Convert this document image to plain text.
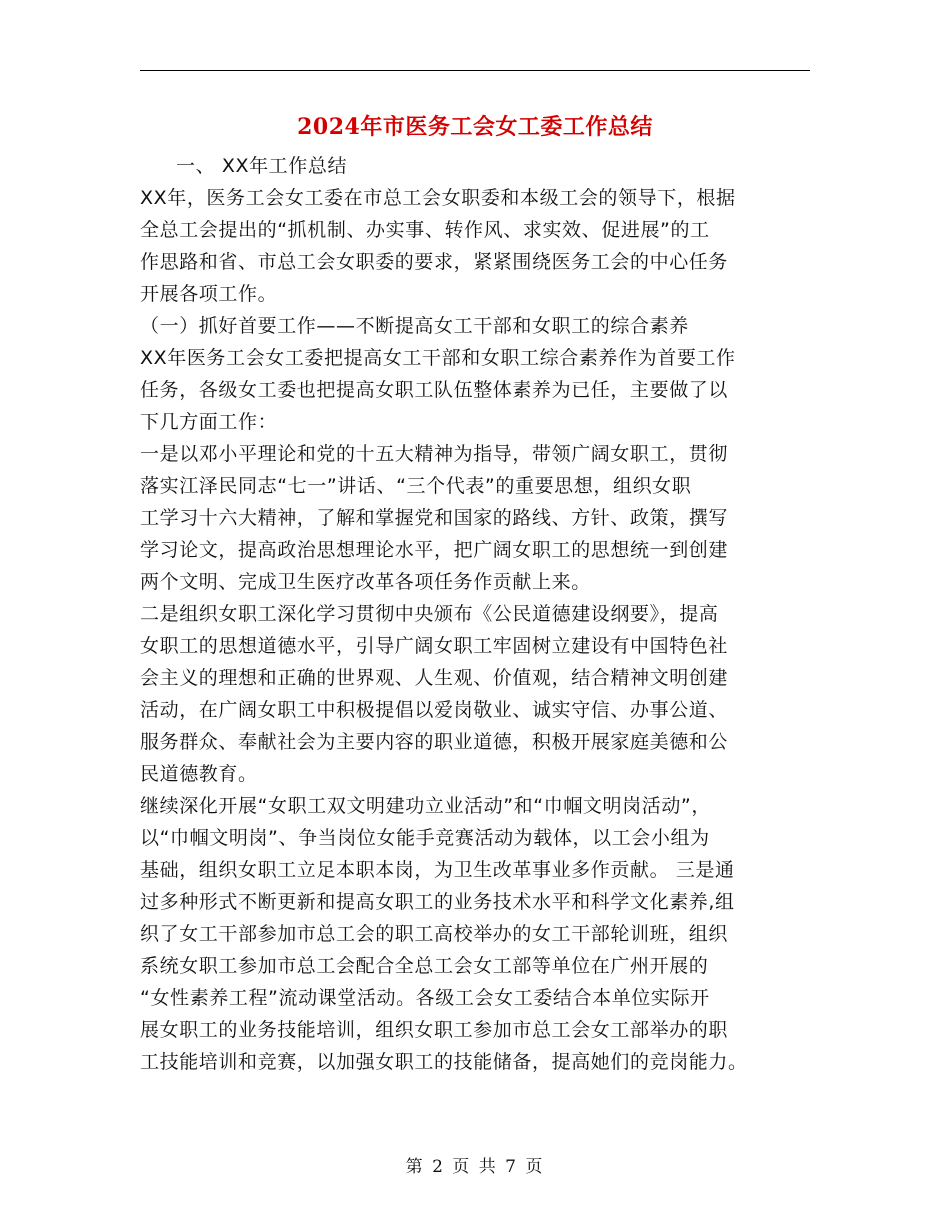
2024年市医务工会女工委工作总结
一、 XX年工作总结
XX年，医务工会女工委在市总工会女职委和本级工会的领导下，根据
全总工会提出的“抓机制、办实事、转作风、求实效、促进展”的工
作思路和省、市总工会女职委的要求，紧紧围绕医务工会的中心任务
开展各项工作。
（一）抓好首要工作——不断提高女工干部和女职工的综合素养
XX年医务工会女工委把提高女工干部和女职工综合素养作为首要工作
任务，各级女工委也把提高女职工队伍整体素养为已任，主要做了以
下几方面工作：
一是以邓小平理论和党的十五大精神为指导，带领广阔女职工，贯彻
落实江泽民同志“七一”讲话、“三个代表”的重要思想，组织女职
工学习十六大精神，了解和掌握党和国家的路线、方针、政策，撰写
学习论文，提高政治思想理论水平，把广阔女职工的思想统一到创建
两个文明、完成卫生医疗改革各项任务作贡献上来。
二是组织女职工深化学习贯彻中央颁布《公民道德建设纲要》，提高
女职工的思想道德水平，引导广阔女职工牢固树立建设有中国特色社
会主义的理想和正确的世界观、人生观、价值观，结合精神文明创建
活动，在广阔女职工中积极提倡以爱岗敬业、诚实守信、办事公道、
服务群众、奉献社会为主要内容的职业道德，积极开展家庭美德和公
民道德教育。
继续深化开展“女职工双文明建功立业活动”和“巾帼文明岗活动”，
以“巾帼文明岗”、争当岗位女能手竞赛活动为载体，以工会小组为
基础，组织女职工立足本职本岗，为卫生改革事业多作贡献。 三是通
过多种形式不断更新和提高女职工的业务技术水平和科学文化素养,组
织了女工干部参加市总工会的职工高校举办的女工干部轮训班，组织
系统女职工参加市总工会配合全总工会女工部等单位在广州开展的
“女性素养工程”流动课堂活动。各级工会女工委结合本单位实际开
展女职工的业务技能培训，组织女职工参加市总工会女工部举办的职
工技能培训和竞赛，以加强女职工的技能储备，提高她们的竞岗能力。
第 2 页 共 7 页
